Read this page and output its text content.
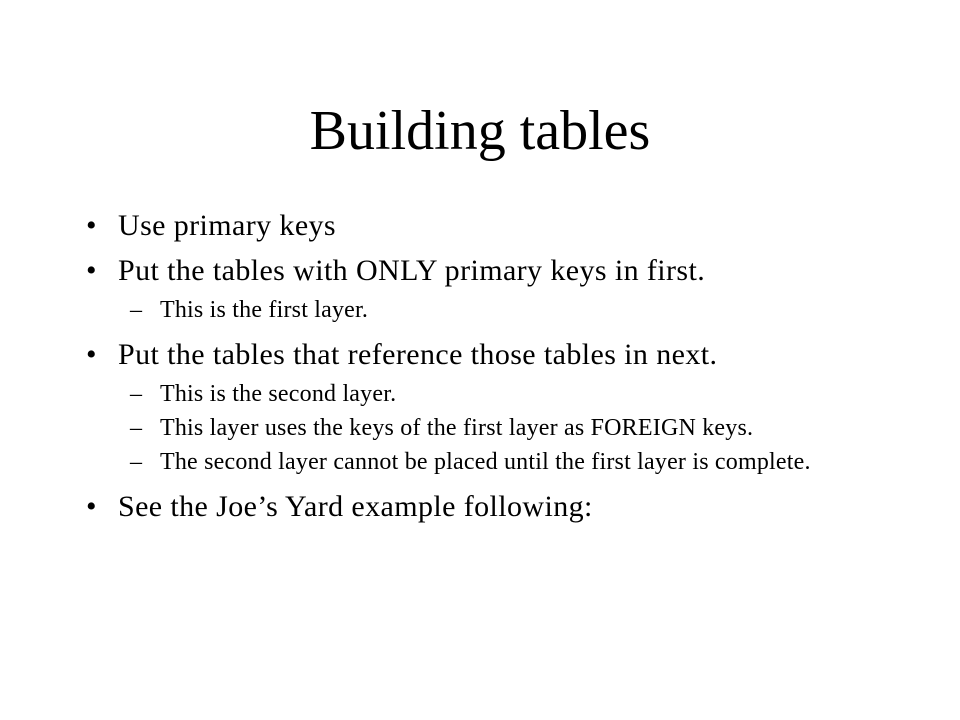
Building tables
• Use primary keys
• Put the tables with ONLY primary keys in first.
– This is the first layer.
• Put the tables that reference those tables in next.
– This is the second layer.
– This layer uses the keys of the first layer as FOREIGN keys.
– The second layer cannot be placed until the first layer is complete.
• See the Joe’s Yard example following:
